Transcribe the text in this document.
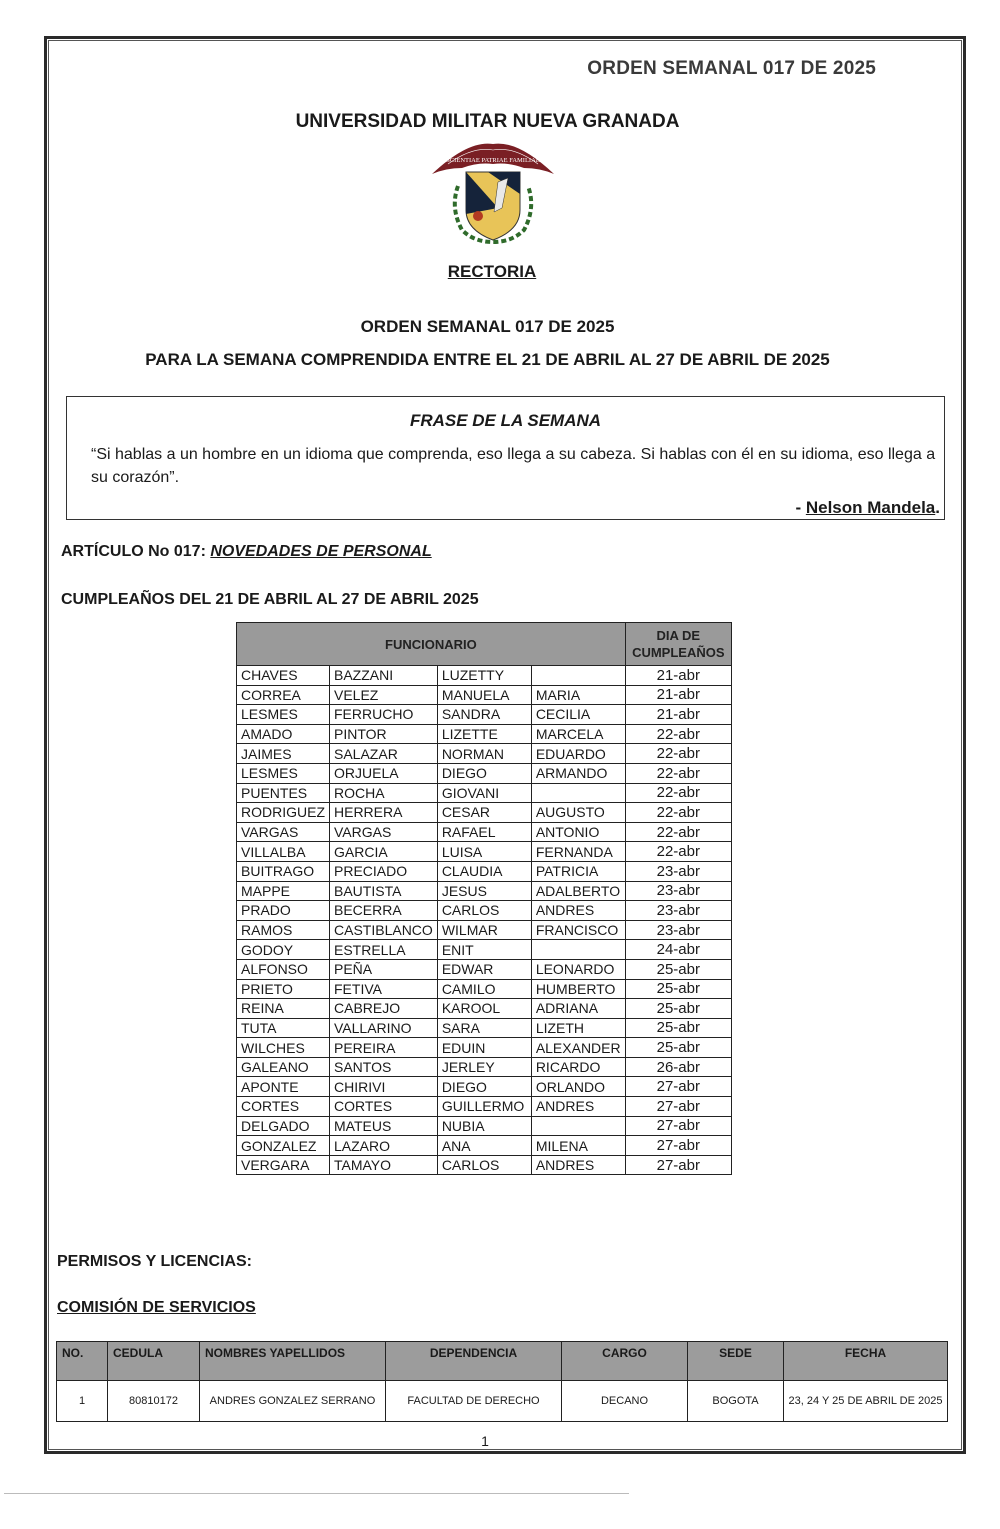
ORDEN SEMANAL 017 DE 2025
UNIVERSIDAD MILITAR NUEVA GRANADA
SCIENTIAE PATRIAE FAMILIAE
RECTORIA
ORDEN SEMANAL 017 DE 2025
PARA LA SEMANA COMPRENDIDA ENTRE EL 21 DE ABRIL AL 27 DE ABRIL DE 2025
FRASE DE LA SEMANA
“Si hablas a un hombre en un idioma que comprenda, eso llega a su cabeza. Si hablas con él en su idioma, eso llega a su corazón”.
- Nelson Mandela.
ARTÍCULO No 017: NOVEDADES DE PERSONAL
CUMPLEAÑOS DEL 21 DE ABRIL AL 27 DE ABRIL 2025
FUNCIONARIO				DIA DE CUMPLEAÑOS
CHAVES	BAZZANI	LUZETTY		21-abr
CORREA	VELEZ	MANUELA	MARIA	21-abr
LESMES	FERRUCHO	SANDRA	CECILIA	21-abr
AMADO	PINTOR	LIZETTE	MARCELA	22-abr
JAIMES	SALAZAR	NORMAN	EDUARDO	22-abr
LESMES	ORJUELA	DIEGO	ARMANDO	22-abr
PUENTES	ROCHA	GIOVANI		22-abr
RODRIGUEZ	HERRERA	CESAR	AUGUSTO	22-abr
VARGAS	VARGAS	RAFAEL	ANTONIO	22-abr
VILLALBA	GARCIA	LUISA	FERNANDA	22-abr
BUITRAGO	PRECIADO	CLAUDIA	PATRICIA	23-abr
MAPPE	BAUTISTA	JESUS	ADALBERTO	23-abr
PRADO	BECERRA	CARLOS	ANDRES	23-abr
RAMOS	CASTIBLANCO	WILMAR	FRANCISCO	23-abr
GODOY	ESTRELLA	ENIT		24-abr
ALFONSO	PEÑA	EDWAR	LEONARDO	25-abr
PRIETO	FETIVA	CAMILO	HUMBERTO	25-abr
REINA	CABREJO	KAROOL	ADRIANA	25-abr
TUTA	VALLARINO	SARA	LIZETH	25-abr
WILCHES	PEREIRA	EDUIN	ALEXANDER	25-abr
GALEANO	SANTOS	JERLEY	RICARDO	26-abr
APONTE	CHIRIVI	DIEGO	ORLANDO	27-abr
CORTES	CORTES	GUILLERMO	ANDRES	27-abr
DELGADO	MATEUS	NUBIA		27-abr
GONZALEZ	LAZARO	ANA	MILENA	27-abr
VERGARA	TAMAYO	CARLOS	ANDRES	27-abr
PERMISOS Y LICENCIAS:
COMISIÓN DE SERVICIOS
NO.	CEDULA	NOMBRES YAPELLIDOS	DEPENDENCIA	CARGO	SEDE	FECHA
1	80810172	ANDRES GONZALEZ SERRANO	FACULTAD DE DERECHO	DECANO	BOGOTA	23, 24 Y 25 DE ABRIL DE 2025
1
